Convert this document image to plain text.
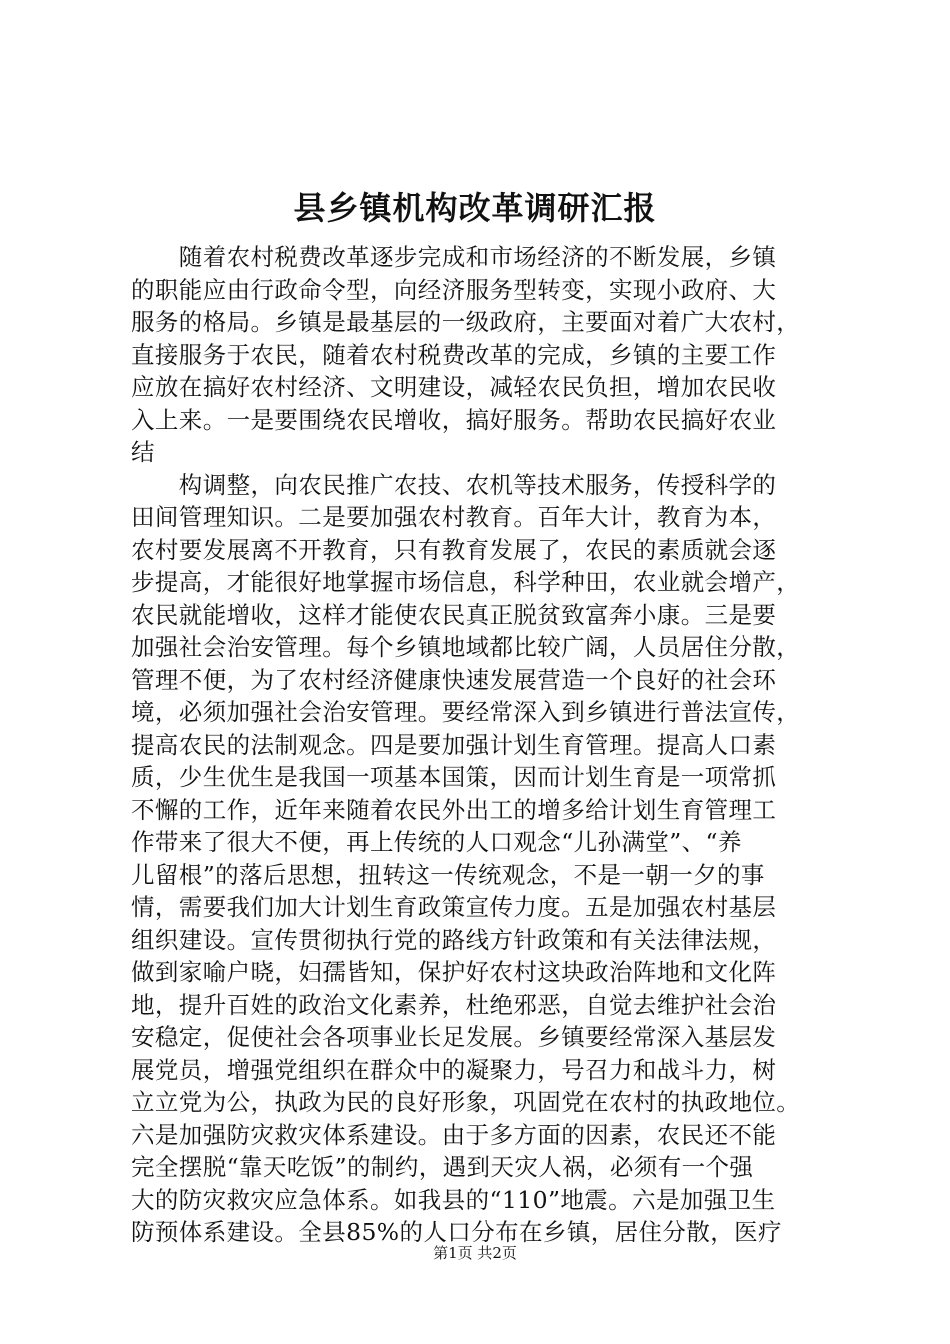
县乡镇机构改革调研汇报
　　随着农村税费改革逐步完成和市场经济的不断发展，乡镇
的职能应由行政命令型，向经济服务型转变，实现小政府、大
服务的格局。乡镇是最基层的一级政府，主要面对着广大农村，
直接服务于农民，随着农村税费改革的完成，乡镇的主要工作
应放在搞好农村经济、文明建设，减轻农民负担，增加农民收
入上来。一是要围绕农民增收，搞好服务。帮助农民搞好农业
结
　　构调整，向农民推广农技、农机等技术服务，传授科学的
田间管理知识。二是要加强农村教育。百年大计，教育为本，
农村要发展离不开教育，只有教育发展了，农民的素质就会逐
步提高，才能很好地掌握市场信息，科学种田，农业就会增产，
农民就能增收，这样才能使农民真正脱贫致富奔小康。三是要
加强社会治安管理。每个乡镇地域都比较广阔，人员居住分散，
管理不便，为了农村经济健康快速发展营造一个良好的社会环
境，必须加强社会治安管理。要经常深入到乡镇进行普法宣传，
提高农民的法制观念。四是要加强计划生育管理。提高人口素
质，少生优生是我国一项基本国策，因而计划生育是一项常抓
不懈的工作，近年来随着农民外出工的增多给计划生育管理工
作带来了很大不便，再上传统的人口观念“儿孙满堂”、“养
儿留根”的落后思想，扭转这一传统观念，不是一朝一夕的事
情，需要我们加大计划生育政策宣传力度。五是加强农村基层
组织建设。宣传贯彻执行党的路线方针政策和有关法律法规，
做到家喻户晓，妇孺皆知，保护好农村这块政治阵地和文化阵
地，提升百姓的政治文化素养，杜绝邪恶，自觉去维护社会治
安稳定，促使社会各项事业长足发展。乡镇要经常深入基层发
展党员，增强党组织在群众中的凝聚力，号召力和战斗力，树
立立党为公，执政为民的良好形象，巩固党在农村的执政地位。
六是加强防灾救灾体系建设。由于多方面的因素，农民还不能
完全摆脱“靠天吃饭”的制约，遇到天灾人祸，必须有一个强
大的防灾救灾应急体系。如我县的“110”地震。六是加强卫生
防预体系建设。全县85%的人口分布在乡镇，居住分散，医疗
第1页 共2页
